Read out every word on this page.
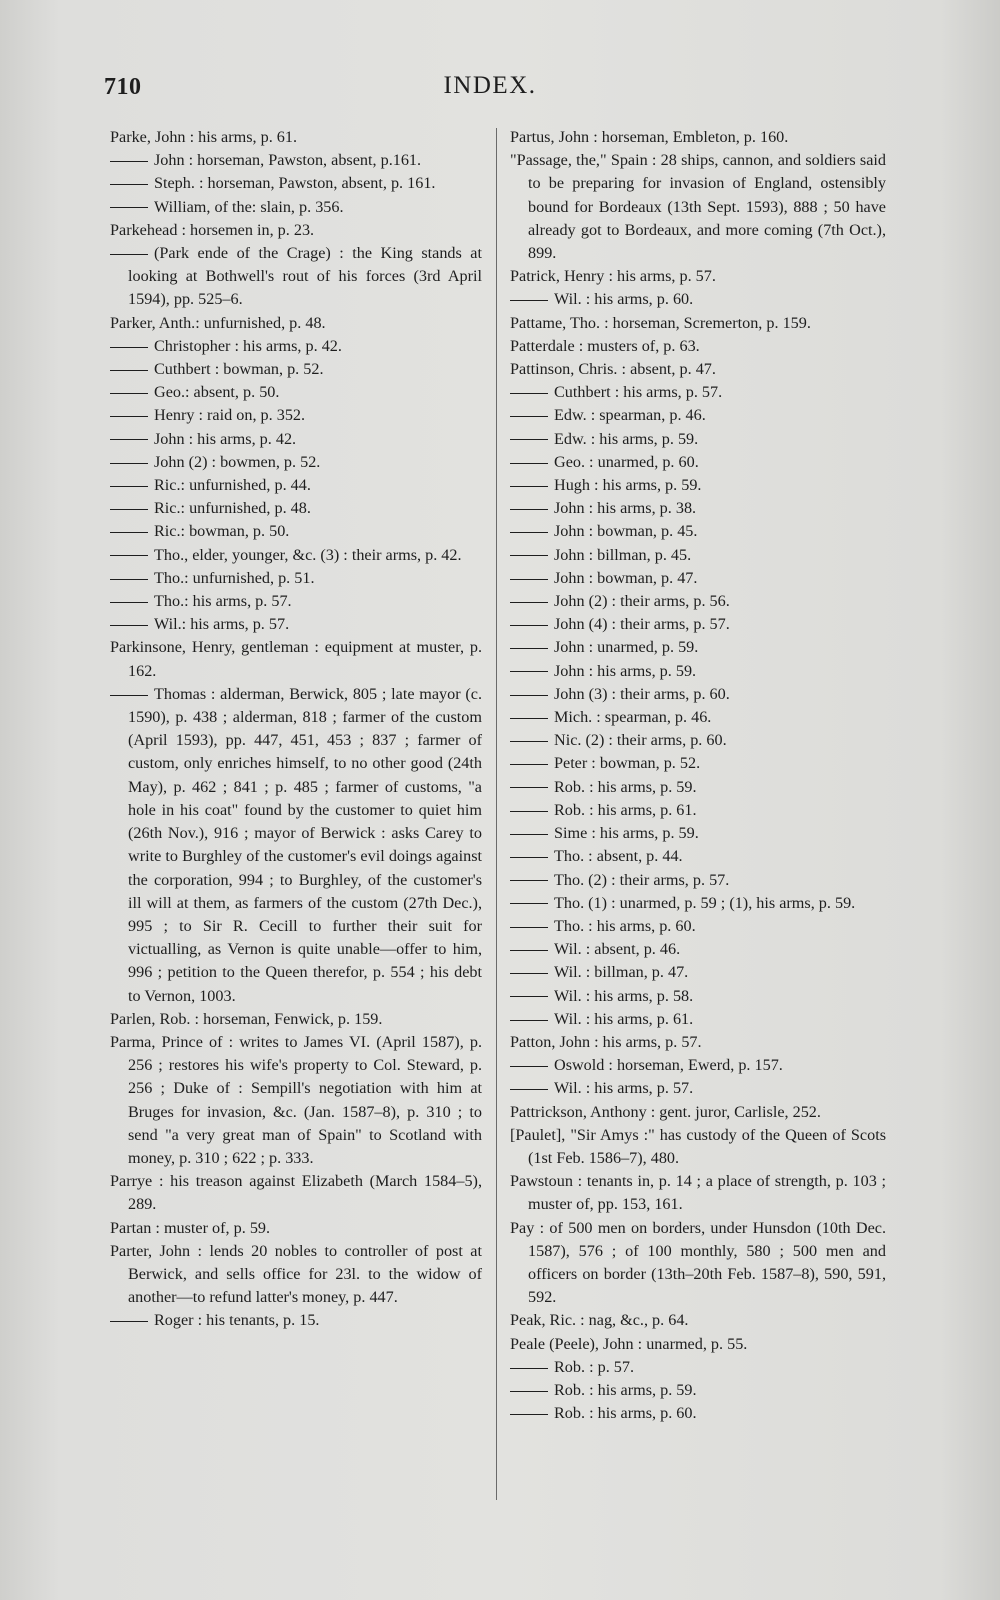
710	INDEX.

Parke, John : his arms, p. 61.

John : horseman, Pawston, absent, p.161.

Steph. : horseman, Pawston, absent, p. 161.

William, of the: slain, p. 356.

Parkehead : horsemen in, p. 23.

(Park ende of the Crage) : the King stands at looking at Bothwell's rout of his forces (3rd April 1594), pp. 525–6.

Parker, Anth.: unfurnished, p. 48.

Christopher : his arms, p. 42.

Cuthbert : bowman, p. 52.

Geo.: absent, p. 50.

Henry : raid on, p. 352.

John : his arms, p. 42.

John (2) : bowmen, p. 52.

Ric.: unfurnished, p. 44.

Ric.: unfurnished, p. 48.

Ric.: bowman, p. 50.

Tho., elder, younger, &c. (3) : their arms, p. 42.

Tho.: unfurnished, p. 51.

Tho.: his arms, p. 57.

Wil.: his arms, p. 57.

Parkinsone, Henry, gentleman : equipment at muster, p. 162.

Thomas : alderman, Berwick, 805 ; late mayor (c. 1590), p. 438 ; alderman, 818 ; farmer of the custom (April 1593), pp. 447, 451, 453 ; 837 ; farmer of custom, only enriches himself, to no other good (24th May), p. 462 ; 841 ; p. 485 ; farmer of customs, "a hole in his coat" found by the customer to quiet him (26th Nov.), 916 ; mayor of Berwick : asks Carey to write to Burghley of the customer's evil doings against the corporation, 994 ; to Burghley, of the customer's ill will at them, as farmers of the custom (27th Dec.), 995 ; to Sir R. Cecill to further their suit for victualling, as Vernon is quite unable—offer to him, 996 ; petition to the Queen therefor, p. 554 ; his debt to Vernon, 1003.

Parlen, Rob. : horseman, Fenwick, p. 159.

Parma, Prince of : writes to James VI. (April 1587), p. 256 ; restores his wife's property to Col. Steward, p. 256 ; Duke of : Sempill's negotiation with him at Bruges for invasion, &c. (Jan. 1587–8), p. 310 ; to send "a very great man of Spain" to Scotland with money, p. 310 ; 622 ; p. 333.

Parrye : his treason against Elizabeth (March 1584–5), 289.

Partan : muster of, p. 59.

Parter, John : lends 20 nobles to controller of post at Berwick, and sells office for 23l. to the widow of another—to refund latter's money, p. 447.

Roger : his tenants, p. 15.

Partus, John : horseman, Embleton, p. 160.

"Passage, the," Spain : 28 ships, cannon, and soldiers said to be preparing for invasion of England, ostensibly bound for Bordeaux (13th Sept. 1593), 888 ; 50 have already got to Bordeaux, and more coming (7th Oct.), 899.

Patrick, Henry : his arms, p. 57.

Wil. : his arms, p. 60.

Pattame, Tho. : horseman, Scremerton, p. 159.

Patterdale : musters of, p. 63.

Pattinson, Chris. : absent, p. 47.

Cuthbert : his arms, p. 57.

Edw. : spearman, p. 46.

Edw. : his arms, p. 59.

Geo. : unarmed, p. 60.

Hugh : his arms, p. 59.

John : his arms, p. 38.

John : bowman, p. 45.

John : billman, p. 45.

John : bowman, p. 47.

John (2) : their arms, p. 56.

John (4) : their arms, p. 57.

John : unarmed, p. 59.

John : his arms, p. 59.

John (3) : their arms, p. 60.

Mich. : spearman, p. 46.

Nic. (2) : their arms, p. 60.

Peter : bowman, p. 52.

Rob. : his arms, p. 59.

Rob. : his arms, p. 61.

Sime : his arms, p. 59.

Tho. : absent, p. 44.

Tho. (2) : their arms, p. 57.

Tho. (1) : unarmed, p. 59 ; (1), his arms, p. 59.

Tho. : his arms, p. 60.

Wil. : absent, p. 46.

Wil. : billman, p. 47.

Wil. : his arms, p. 58.

Wil. : his arms, p. 61.

Patton, John : his arms, p. 57.

Oswold : horseman, Ewerd, p. 157.

Wil. : his arms, p. 57.

Pattrickson, Anthony : gent. juror, Carlisle, 252.

[Paulet], "Sir Amys :" has custody of the Queen of Scots (1st Feb. 1586–7), 480.

Pawstoun : tenants in, p. 14 ; a place of strength, p. 103 ; muster of, pp. 153, 161.

Pay : of 500 men on borders, under Hunsdon (10th Dec. 1587), 576 ; of 100 monthly, 580 ; 500 men and officers on border (13th–20th Feb. 1587–8), 590, 591, 592.

Peak, Ric. : nag, &c., p. 64.

Peale (Peele), John : unarmed, p. 55.

Rob. : p. 57.

Rob. : his arms, p. 59.

Rob. : his arms, p. 60.
